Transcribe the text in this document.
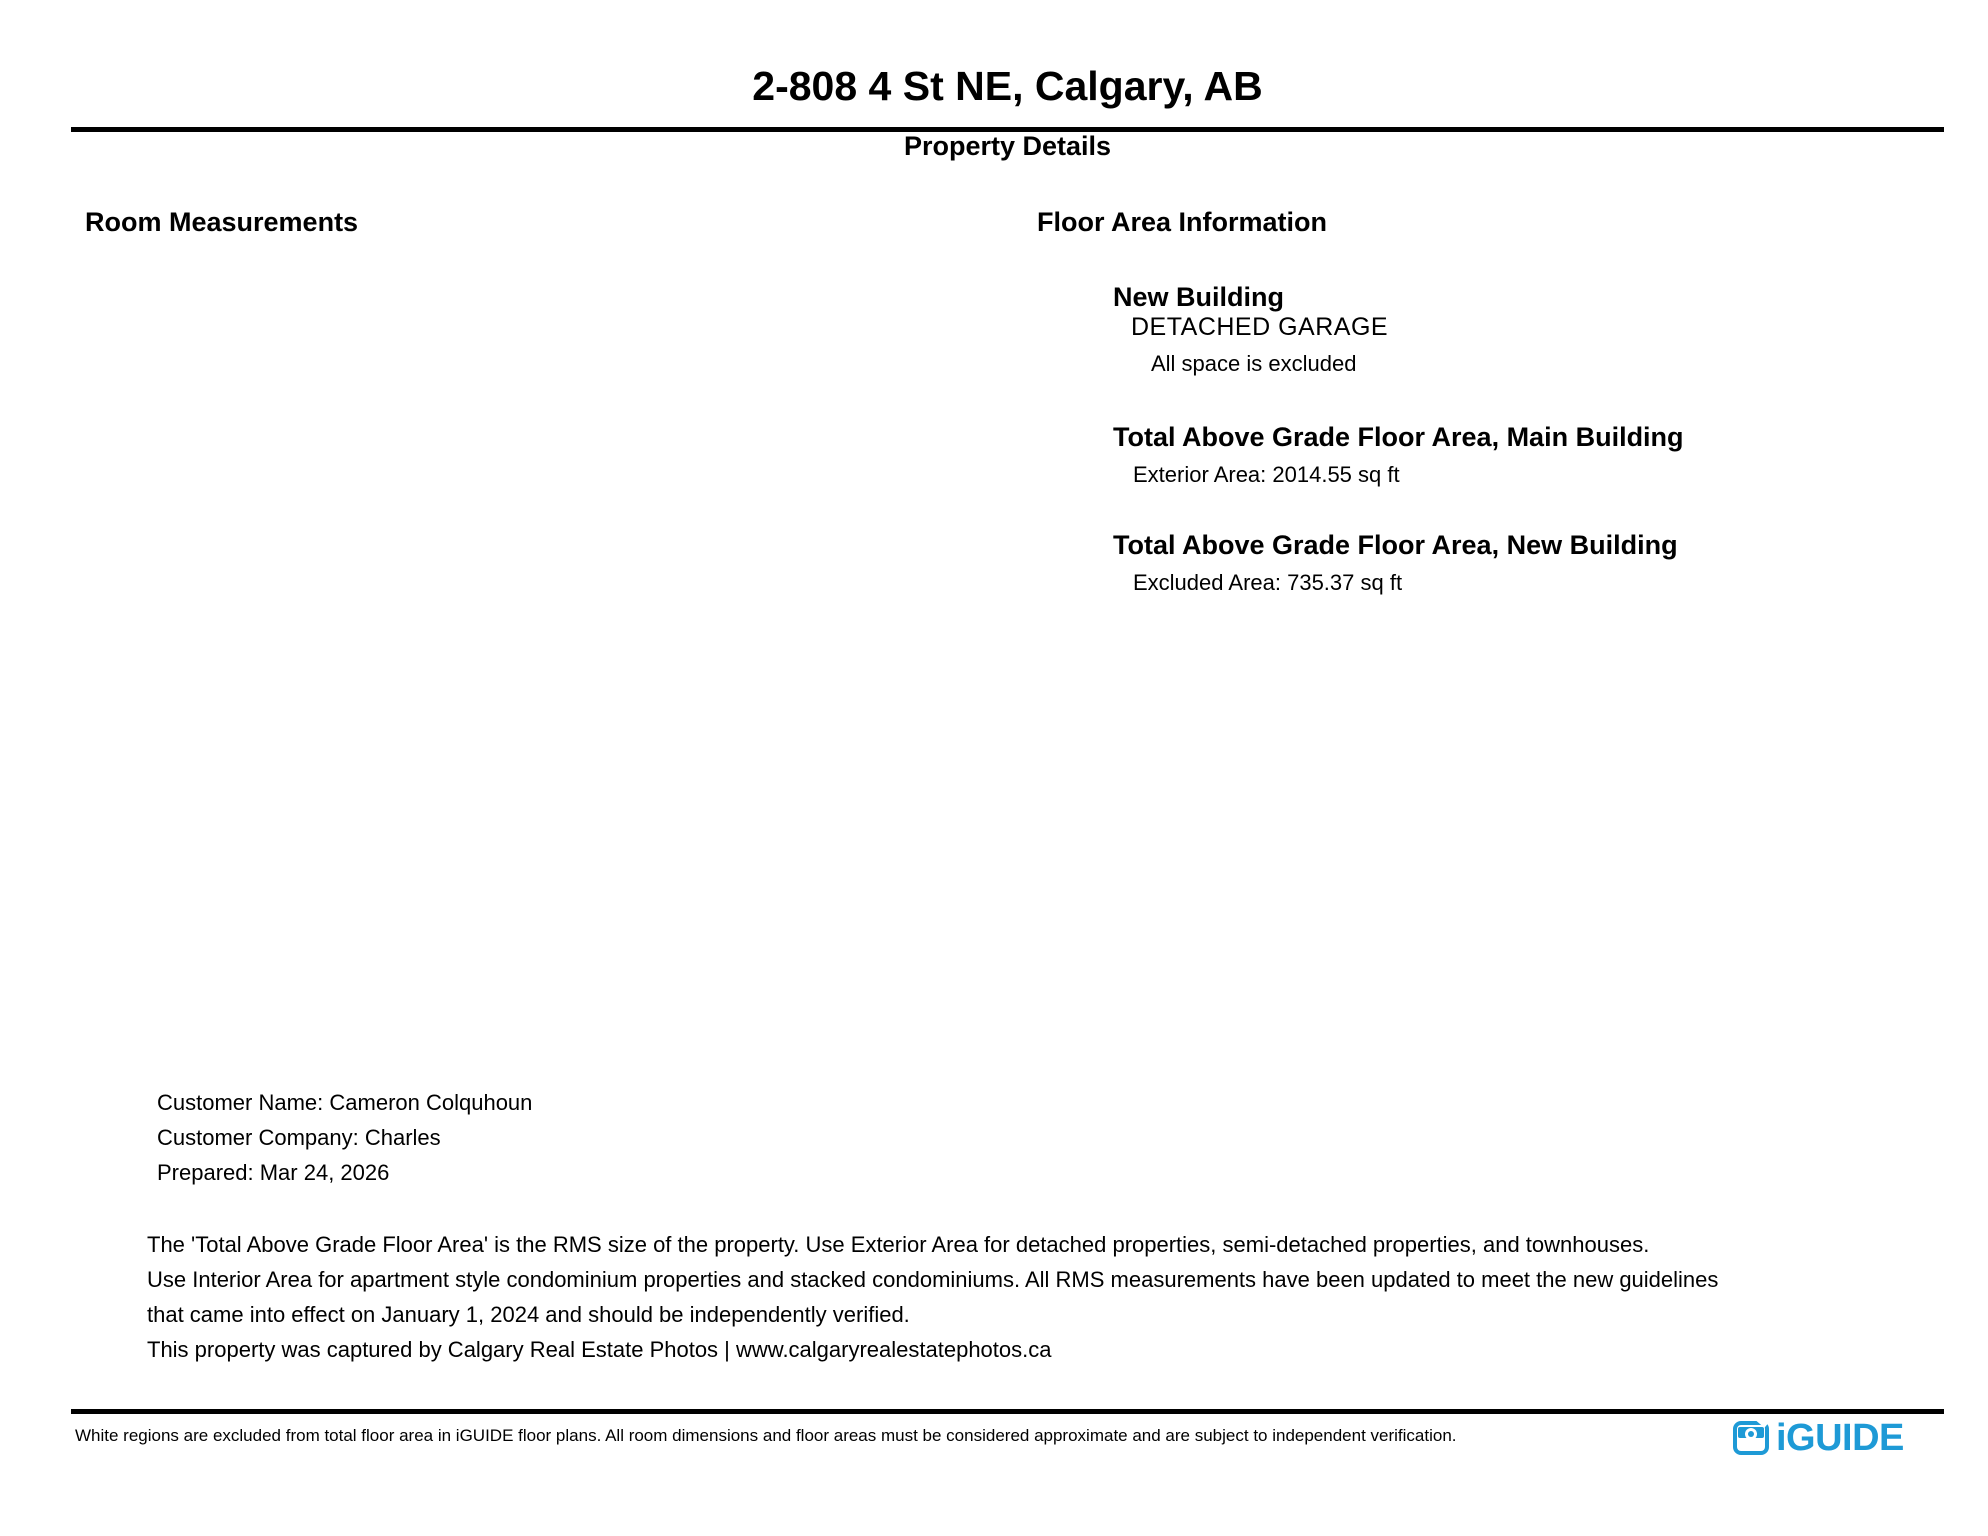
2-808 4 St NE, Calgary, AB
Property Details
Room Measurements	Floor Area Information
New Building
DETACHED GARAGE
All space is excluded
Total Above Grade Floor Area, Main Building
Exterior Area: 2014.55 sq ft
Total Above Grade Floor Area, New Building
Excluded Area: 735.37 sq ft
Customer Name: Cameron Colquhoun
Customer Company: Charles
Prepared: Mar 24, 2026
The 'Total Above Grade Floor Area' is the RMS size of the property. Use Exterior Area for detached properties, semi-detached properties, and townhouses.
Use Interior Area for apartment style condominium properties and stacked condominiums. All RMS measurements have been updated to meet the new guidelines
that came into effect on January 1, 2024 and should be independently verified.
This property was captured by Calgary Real Estate Photos | www.calgaryrealestatephotos.ca
White regions are excluded from total floor area in iGUIDE floor plans. All room dimensions and floor areas must be considered approximate and are subject to independent verification.	iGUIDE
